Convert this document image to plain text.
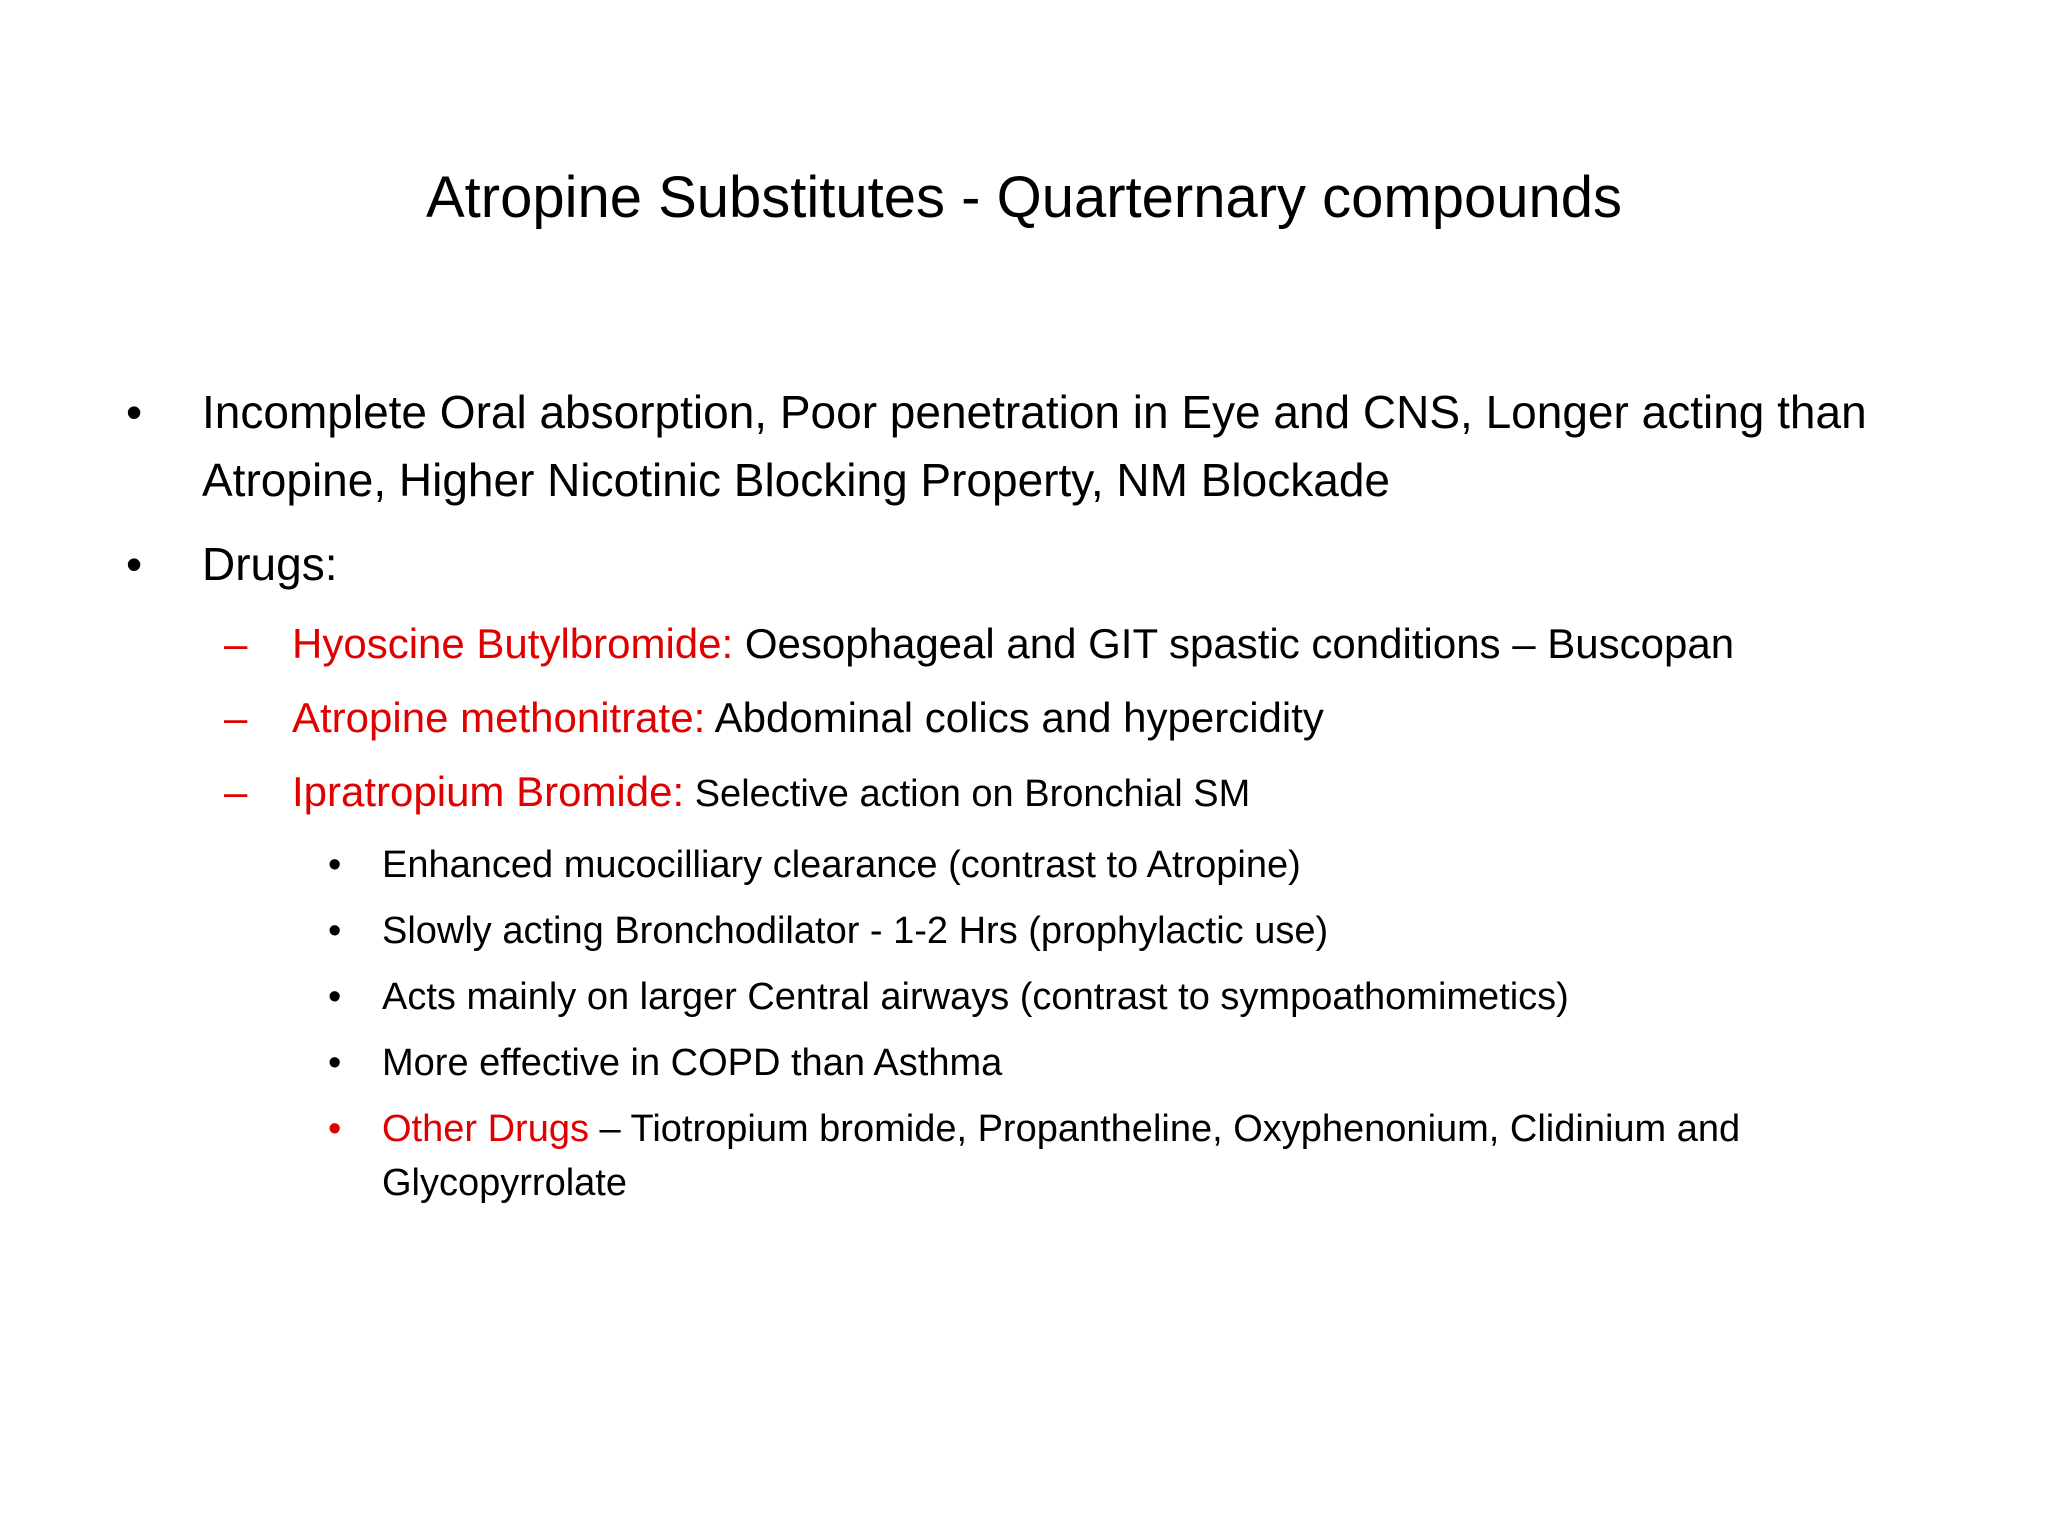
Atropine Substitutes - Quarternary compounds
• Incomplete Oral absorption, Poor penetration in Eye and CNS, Longer acting than Atropine, Higher Nicotinic Blocking Property, NM Blockade
• Drugs:
– Hyoscine Butylbromide: Oesophageal and GIT spastic conditions – Buscopan
– Atropine methonitrate: Abdominal colics and hypercidity
– Ipratropium Bromide: Selective action on Bronchial SM
• Enhanced mucocilliary clearance (contrast to Atropine)
• Slowly acting Bronchodilator - 1-2 Hrs (prophylactic use)
• Acts mainly on larger Central airways (contrast to sympoathomimetics)
• More effective in COPD than Asthma
• Other Drugs – Tiotropium bromide, Propantheline, Oxyphenonium, Clidinium and Glycopyrrolate
